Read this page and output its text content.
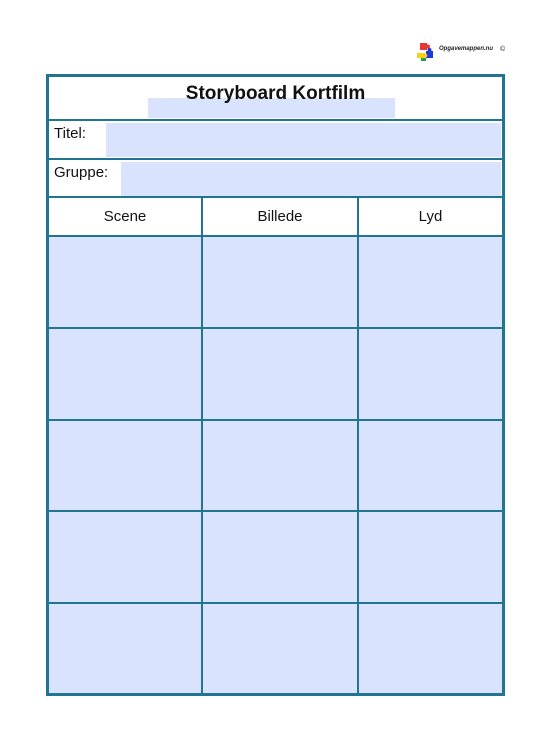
Opgavemappen.nu ©
Storyboard Kortfilm
Titel:
Gruppe:
Scene	Billede	Lyd
